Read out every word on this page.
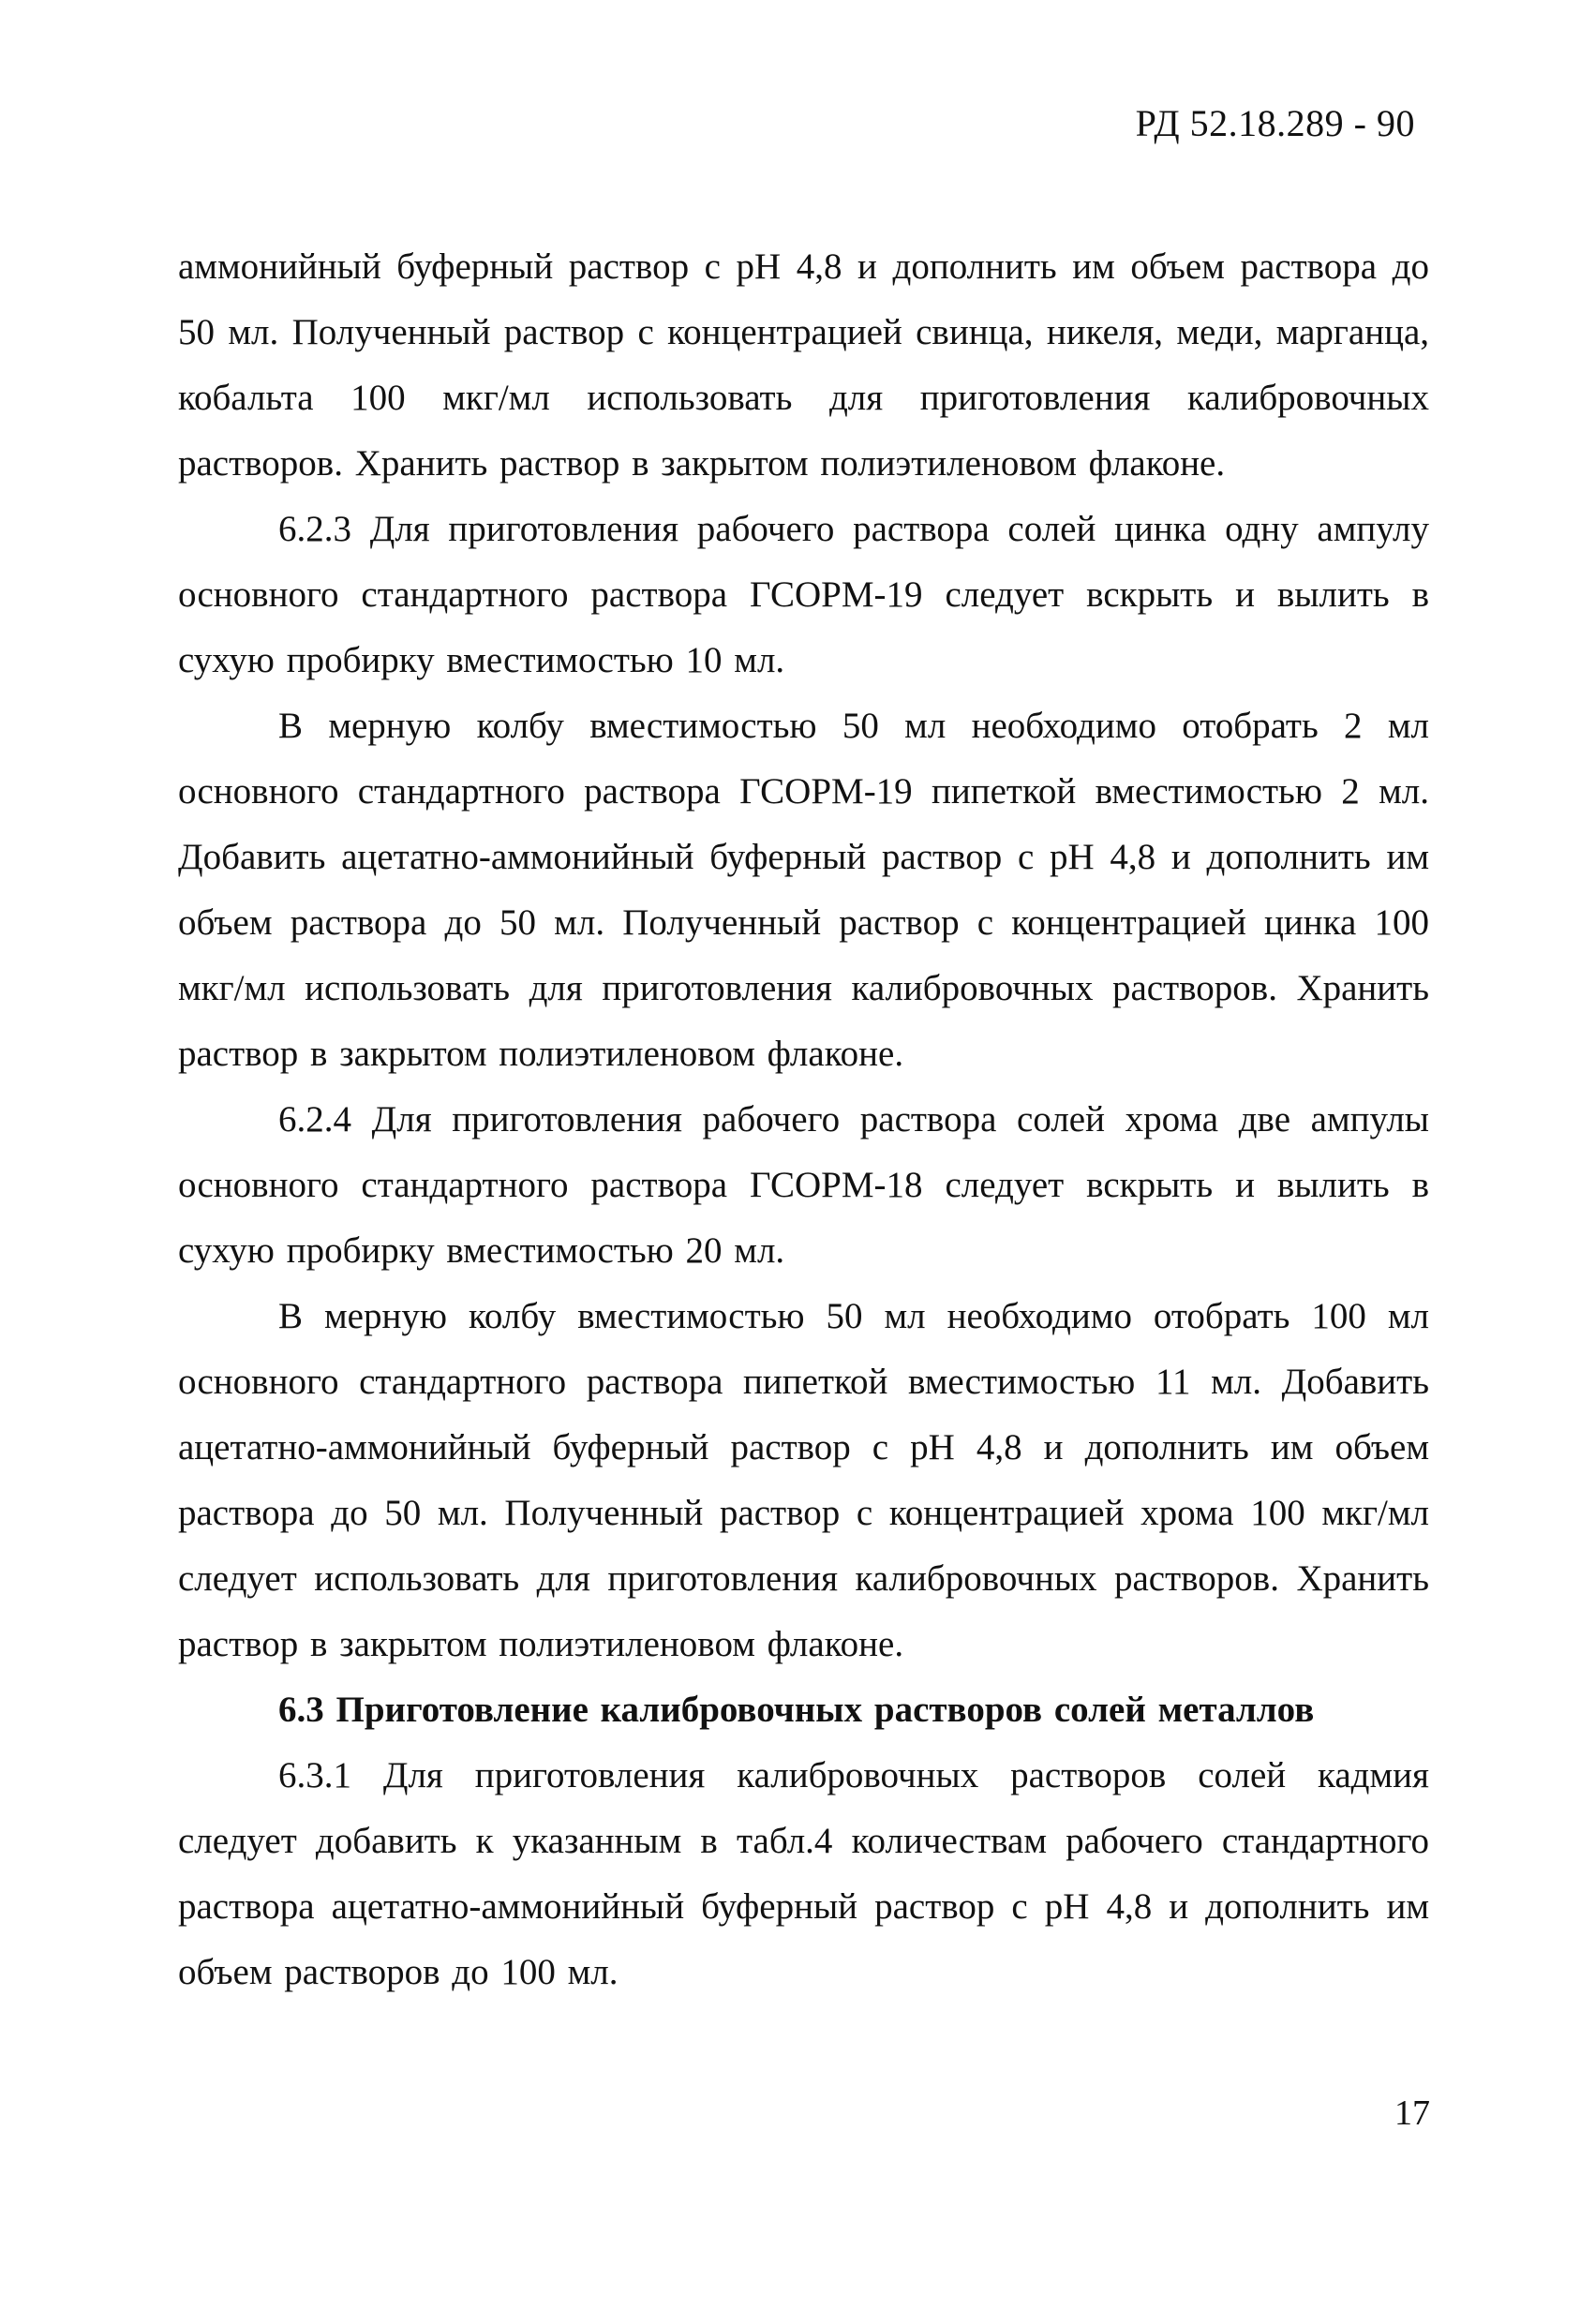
РД 52.18.289 - 90

аммонийный буферный раствор с pH 4,8 и дополнить им объем раствора до 50 мл. Полученный раствор с концентрацией свинца, никеля, меди, марганца, кобальта 100 мкг/мл использовать для приготовления калибровочных растворов. Хранить раствор в закрытом полиэтиленовом флаконе.

6.2.3 Для приготовления рабочего раствора солей цинка одну ампулу основного стандартного раствора ГСОРМ-19 следует вскрыть и вылить в сухую пробирку вместимостью 10 мл.

В мерную колбу вместимостью 50 мл необходимо отобрать 2 мл основного стандартного раствора ГСОРМ-19 пипеткой вместимостью 2 мл. Добавить ацетатно-аммонийный буферный раствор с pH 4,8 и дополнить им объем раствора до 50 мл. Полученный раствор с концентрацией цинка 100 мкг/мл использовать для приготовления калибровочных растворов. Хранить раствор в закрытом полиэтиленовом флаконе.

6.2.4 Для приготовления рабочего раствора солей хрома две ампулы основного стандартного раствора ГСОРМ-18 следует вскрыть и вылить в сухую пробирку вместимостью 20 мл.

В мерную колбу вместимостью 50 мл необходимо отобрать 100 мл основного стандартного раствора пипеткой вместимостью 11 мл. Добавить ацетатно-аммонийный буферный раствор с pH 4,8 и дополнить им объем раствора до 50 мл. Полученный раствор с концентрацией хрома 100 мкг/мл следует использовать для приготовления калибровочных растворов. Хранить раствор в закрытом полиэтиленовом флаконе.

6.3 Приготовление калибровочных растворов солей металлов

6.3.1 Для приготовления калибровочных растворов солей кадмия следует добавить к указанным в табл.4 количествам рабочего стандартного раствора ацетатно-аммонийный буферный раствор с pH 4,8 и дополнить им объем растворов до 100 мл.

17
